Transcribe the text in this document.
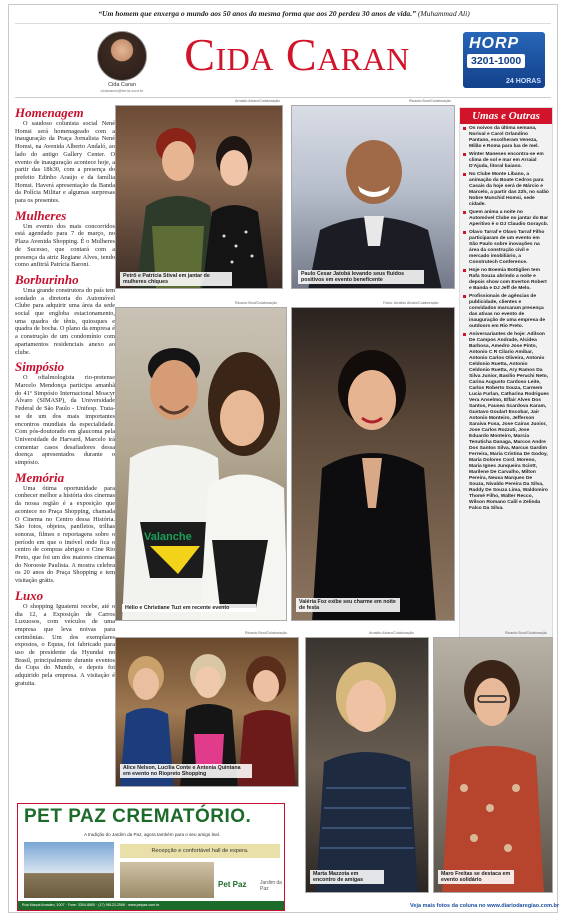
“Um homem que enxerga o mundo aos 50 anos da mesma forma que aos 20 perdeu 30 anos de vida.” (Muhammad Ali)
Cida Caran
cidacaran@terra.com.br
Cida Caran	HORP
3201-1000
24 HORAS
Homenagem
O saudoso colunista social Nené Homsi será homenageado com a inauguração da Praça Jornalista Nené Homsi, na Avenida Alberto Andaló, ao lado do antigo Gallery Center. O evento de inauguração acontece hoje, a partir das 18h30, com a presença do prefeito Edinho Araújo e da família Homsi. Haverá apresentação da Banda da Polícia Militar e algumas surpresas para os presentes.
Mulheres
Um evento dos mais concorridos está agendado para 7 de março, no Plaza Avenida Shopping. É o Mulheres de Sucesso, que contará com a presença da atriz Regiane Alves, tendo como anfitriã Patrícia Baroni.
Borburinho
Uma grande construtora do país tem sondado a diretoria do Automóvel Clube para adquirir uma área da sede social que engloba estacionamento, uma quadra de tênis, quiosques e quadra de bocha. O plano da empresa é a construção de um condomínio com apartamentos residenciais anexo ao clube.
Simpósio
O oftalmologista rio-pretense Marcelo Mendonça participa amanhã do 41º Simpósio Internacional Moacyr Álvaro (SIMASP), da Universidade Federal de São Paulo - Unifesp. Trata-se de um dos mais importantes encontros mundiais da especialidade. Com pós-doutorado em glaucoma pela Universidade de Harvard, Marcelo irá comentar casos desafiadores dessa doença apresentados durante o simpósio.
Memória
Uma ótima oportunidade para conhecer melhor a história dos cinemas da nossa região é a exposição que acontece no Praça Shopping, chamada O Cinema no Centro dessa História. São fotos, objetos, panfletos, trilhas sonoras, filmes e reportagens sobre o período em que o imóvel onde fica o centro de compras abrigou o Cine Rio Preto, que foi um dos maiores cinemas do Noroeste Paulista. A mostra celebra os 20 anos do Praça Shopping e tem visitação grátis.
Luxo
O shopping Iguatemi recebe, até o dia 12, a Exposição de Carros Luxuosos, com veículos de uma empresa que leva noivas para cerimônias. Um dos exemplares expostos, o Equus, foi fabricado para uso de presidente da Hyundai no Brasil, principalmente durante eventos da Copa do Mundo, e depois foi adquirido pela empresa. A visitação é gratuita.
Arnaldo Alvaro/Colaboração
Petrô e Patrícia Stival em jantar de mulheres chiques
Ricardo Boni/Colaboração
Paulo Cesar Jatobá levando seus fluidos positivos em evento beneficente
Ricardo Boni/Colaboração
Valanche
Hélio e Christiane Tuzi em recente evento
Fotos: Arnaldo Alvaro/Colaboração
Valéria Foz exibe seu charme em noite de festa
Umas e Outras
Os noivos da última semana, Norival e Carol Orlandino Pantano, escolheram Veneza, Milão e Roma para lua de mel.
Winter Maneses encontra-se em clima de sol e mar em Arraial D'Ajuda, litoral baiano.
No Clube Monte Líbano, a animação da Boate Cedros para Casais da hoje será de Márcio e Marcelo, a partir das 22h, no salão Nobre Munchid Homsi, sede cidade.
Quem anima a noite no Automóvel Clube no jantar do Bar Aperitivo é o DJ Claudio Goraycb.
Olavo Tarraf e Olavo Tarraf Filho participaram de um evento em São Paulo sobre inovações na área da construção civil e mercado imobiliário, a Construtech Conference.
Hoje no Boemia Bottiglien tem Rafa Souza abrindo a noite e depois show com Everton Robert e Banda e DJ Jeff de Melo.
Profissionais de agências de publicidade, clientes e convidados marcaram presença das ativas no evento de inauguração de uma empresa de outdoors em Rio Preto.
Aniversariantes de hoje: Adilson De Campos Andrade, Alcidea Barbosa, Amedro Jose Pinto, Antonio C R Cilario Amibar, Antonio Carlos Oliveira, Antonio Celdonio Ruetta, Antonio Celdonio Ruetta, Ary Ramos Da Silva Junior, Basilio Peruchi Neto, Carina Augusto Cardoso Leite, Carlos Roberto Souza, Carmem Lucia Furlan, Catharina Rodrigues Vera Anselmo, Elfair Alves Dos Santos, Fausea Scardova Karam, Gustavo Goulart Escobar, Jair Antonio Monteiro, Jefferson Saraiva Fusa, Jose Cairas Junior, Jose Carlos Rozzuti, Jose Eduardo Monteiro, Marcia Tenuticha Danaga, Marcos Andre Dos Santos Silva, Marcus Gardim Ferreira, Maria Cristina De Godoy, Maria Dolores Cord. Moreno, Maria Ignes Junqueira Scintt, Marilene De Carvalho, Milton Pereira, Neusa Marques De Souza, Nivaldo Pereira Da Silva, Raddy De Souza Lima, Waldomiro Thomé Filho, Walter Recco, Wilson Romano Calil e Zelinda Falco Da Silva.
Ricardo Boni/Colaboração
Alice Nelson, Lucília Conte e Antenia Quintana em evento no Riopreto Shopping
Arnaldo Alvaro/Colaboração
Marta Mazzota em encontro de amigas
Ricardo Boni/Colaboração
Maro Freitas se destaca em evento solidário
PET PAZ CREMATÓRIO.
A tradição do Jardim da Paz, agora também para o seu amigo leal.
Recepção e confortável hall de espera.
Pet Paz	Jardim da Paz
Rua Marçal Amadeo, 1007 · Fone: 3304-8800 · (17) 98123-2598 · www.petpaz.com.br	Veja mais fotos da coluna no www.diariodaregiao.com.br
